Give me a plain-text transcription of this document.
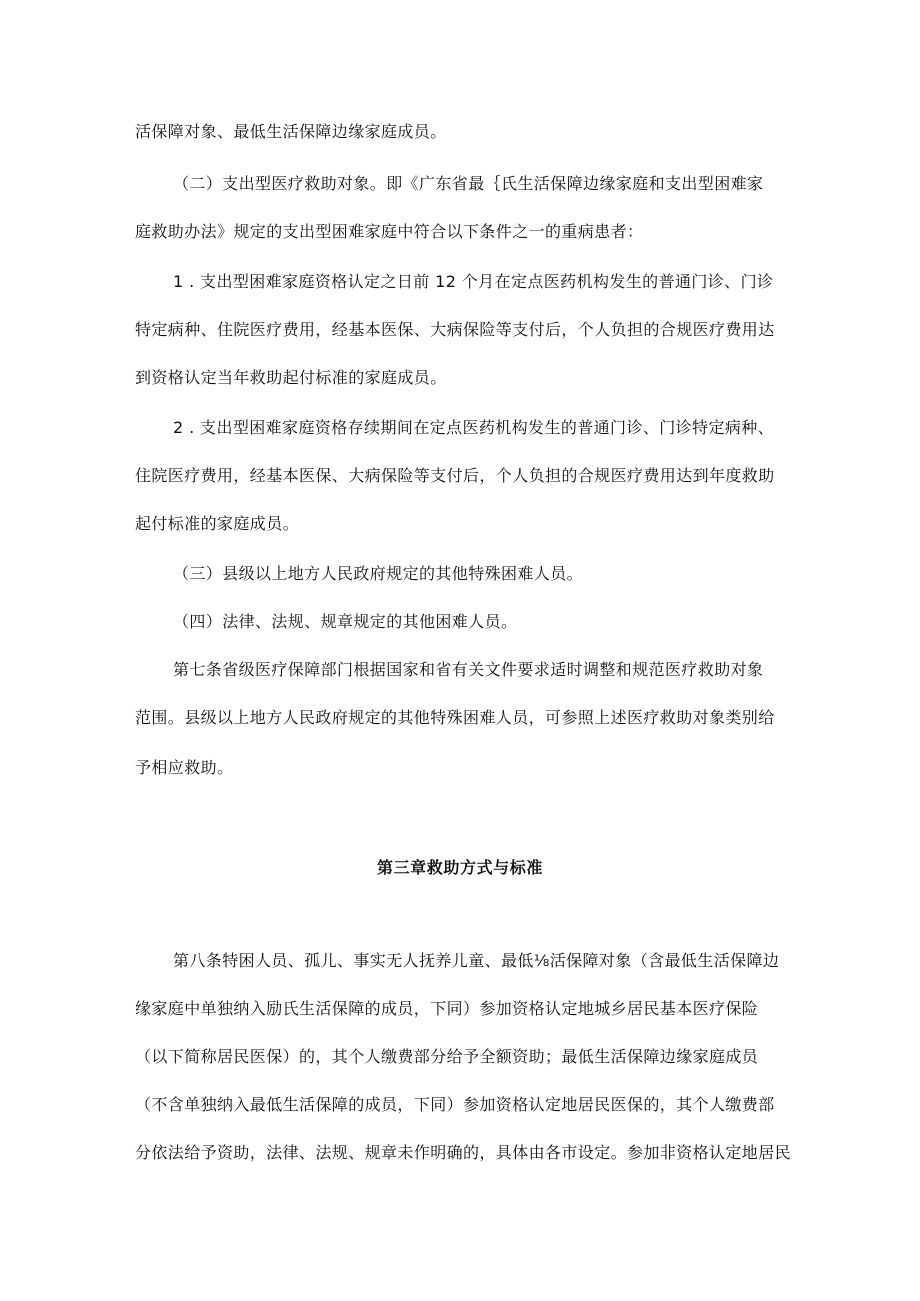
活保障对象、最低生活保障边缘家庭成员。
（二）支出型医疗救助对象。即《广东省最｛氏生活保障边缘家庭和支出型困难家
庭救助办法》规定的支出型困难家庭中符合以下条件之一的重病患者：
1 . 支出型困难家庭资格认定之日前 12 个月在定点医药机构发生的普通门诊、门诊
特定病种、住院医疗费用，经基本医保、大病保险等支付后，个人负担的合规医疗费用达
到资格认定当年救助起付标准的家庭成员。
2 . 支出型困难家庭资格存续期间在定点医药机构发生的普通门诊、门诊特定病种、
住院医疗费用，经基本医保、大病保险等支付后，个人负担的合规医疗费用达到年度救助
起付标准的家庭成员。
（三）县级以上地方人民政府规定的其他特殊困难人员。
（四）法律、法规、规章规定的其他困难人员。
第七条省级医疗保障部门根据国家和省有关文件要求适时调整和规范医疗救助对象
范围。县级以上地方人民政府规定的其他特殊困难人员，可参照上述医疗救助对象类别给
予相应救助。
第三章救助方式与标准
第八条特困人员、孤儿、事实无人抚养儿童、最低⅛活保障对象（含最低生活保障边
缘家庭中单独纳入励氏生活保障的成员，下同）参加资格认定地城乡居民基本医疗保险
（以下简称居民医保）的，其个人缴费部分给予全额资助；最低生活保障边缘家庭成员
（不含单独纳入最低生活保障的成员，下同）参加资格认定地居民医保的，其个人缴费部
分依法给予资助，法律、法规、规章未作明确的，具体由各市设定。参加非资格认定地居民
